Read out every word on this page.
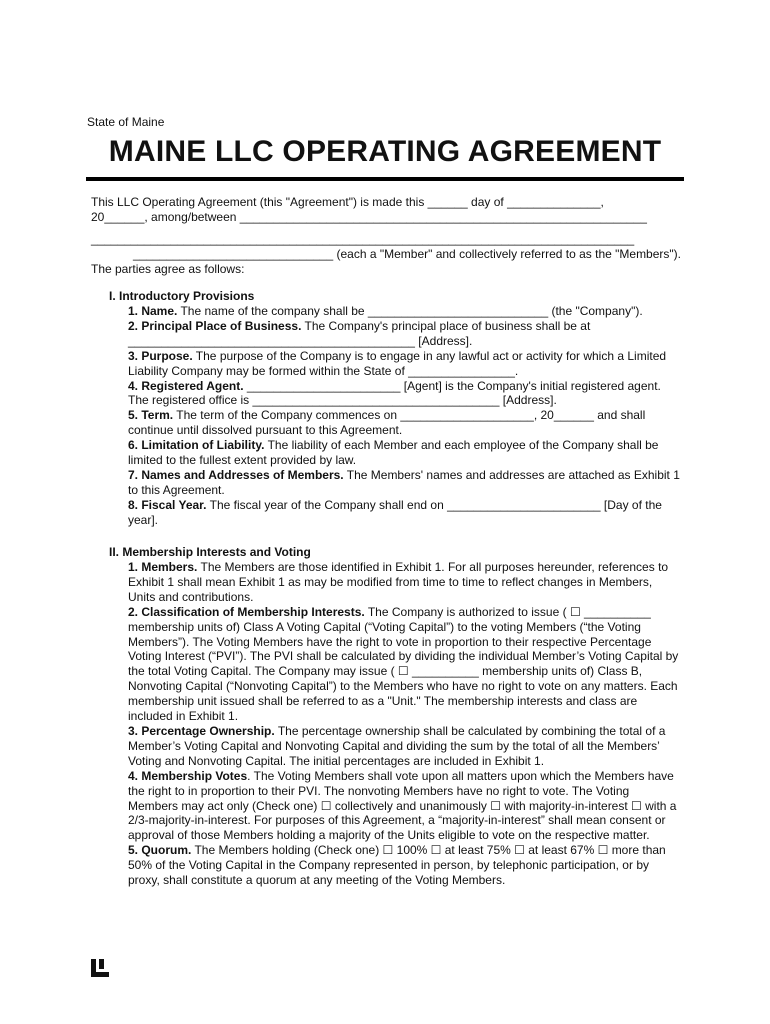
State of Maine
MAINE LLC OPERATING AGREEMENT

This LLC Operating Agreement (this "Agreement") is made this ______ day of ______________,

20______, among/between _____________________________________________________________

__________________________________________________________________________________

______________________________ (each a "Member" and collectively referred to as the "Members").

The parties agree as follows:

I. Introductory Provisions

1. Name. The name of the company shall be ___________________________ (the "Company").

2. Principal Place of Business. The Company's principal place of business shall be at ___________________________________________ [Address].

3. Purpose. The purpose of the Company is to engage in any lawful act or activity for which a Limited Liability Company may be formed within the State of ________________.

4. Registered Agent. _______________________ [Agent] is the Company's initial registered agent. The registered office is _____________________________________ [Address].

5. Term. The term of the Company commences on ____________________, 20______ and shall continue until dissolved pursuant to this Agreement.

6. Limitation of Liability. The liability of each Member and each employee of the Company shall be limited to the fullest extent provided by law.

7. Names and Addresses of Members. The Members' names and addresses are attached as Exhibit 1 to this Agreement.

8. Fiscal Year. The fiscal year of the Company shall end on _______________________ [Day of the year].

II. Membership Interests and Voting

1. Members. The Members are those identified in Exhibit 1. For all purposes hereunder, references to Exhibit 1 shall mean Exhibit 1 as may be modified from time to time to reflect changes in Members, Units and contributions.

2. Classification of Membership Interests. The Company is authorized to issue ( ☐ __________ membership units of) Class A Voting Capital (“Voting Capital”) to the voting Members (“the Voting Members”). The Voting Members have the right to vote in proportion to their respective Percentage Voting Interest (“PVI”). The PVI shall be calculated by dividing the individual Member’s Voting Capital by the total Voting Capital. The Company may issue ( ☐ __________ membership units of) Class B, Nonvoting Capital (“Nonvoting Capital”) to the Members who have no right to vote on any matters. Each membership unit issued shall be referred to as a "Unit." The membership interests and class are included in Exhibit 1.

3. Percentage Ownership. The percentage ownership shall be calculated by combining the total of a Member’s Voting Capital and Nonvoting Capital and dividing the sum by the total of all the Members’ Voting and Nonvoting Capital. The initial percentages are included in Exhibit 1.

4. Membership Votes. The Voting Members shall vote upon all matters upon which the Members have the right to in proportion to their PVI. The nonvoting Members have no right to vote. The Voting Members may act only (Check one) ☐ collectively and unanimously ☐ with majority-in-interest ☐ with a 2/3-majority-in-interest. For purposes of this Agreement, a “majority-in-interest” shall mean consent or approval of those Members holding a majority of the Units eligible to vote on the respective matter.

5. Quorum. The Members holding (Check one) ☐ 100% ☐ at least 75% ☐ at least 67% ☐ more than 50% of the Voting Capital in the Company represented in person, by telephonic participation, or by proxy, shall constitute a quorum at any meeting of the Voting Members.
